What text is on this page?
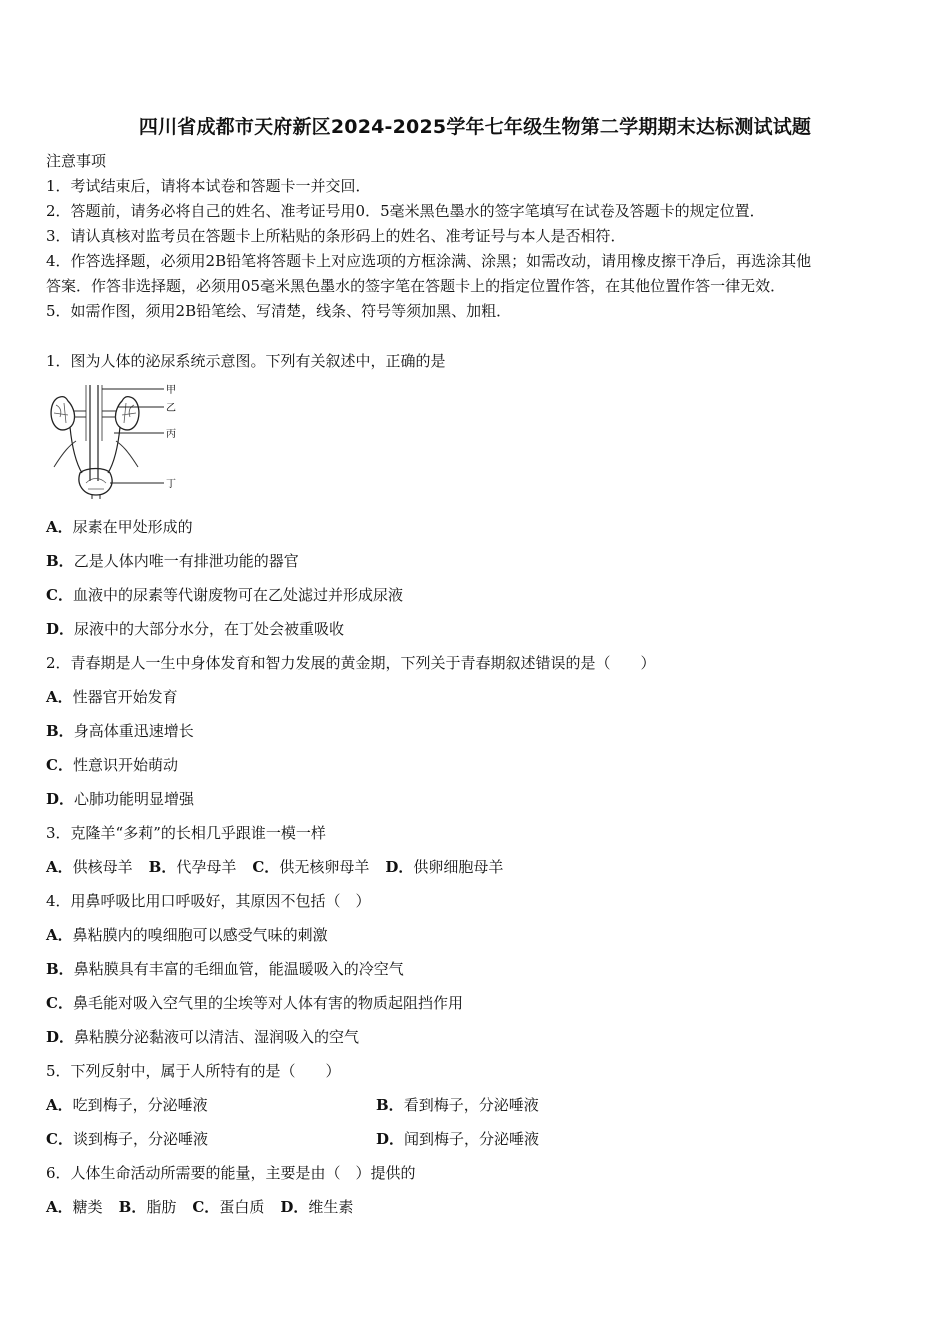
四川省成都市天府新区2024-2025学年七年级生物第二学期期末达标测试试题
注意事项
1．考试结束后，请将本试卷和答题卡一并交回．
2．答题前，请务必将自己的姓名、准考证号用0．5毫米黑色墨水的签字笔填写在试卷及答题卡的规定位置．
3．请认真核对监考员在答题卡上所粘贴的条形码上的姓名、准考证号与本人是否相符．
4．作答选择题，必须用2B铅笔将答题卡上对应选项的方框涂满、涂黑；如需改动，请用橡皮擦干净后，再选涂其他
答案．作答非选择题，必须用05毫米黑色墨水的签字笔在答题卡上的指定位置作答，在其他位置作答一律无效．
5．如需作图，须用2B铅笔绘、写清楚，线条、符号等须加黑、加粗．
1．图为人体的泌尿系统示意图。下列有关叙述中，正确的是
甲
乙
丙
丁
A．尿素在甲处形成的
B．乙是人体内唯一有排泄功能的器官
C．血液中的尿素等代谢废物可在乙处滤过并形成尿液
D．尿液中的大部分水分，在丁处会被重吸收
2．青春期是人一生中身体发育和智力发展的黄金期，下列关于青春期叙述错误的是（　　）
A．性器官开始发育
B．身高体重迅速增长
C．性意识开始萌动
D．心肺功能明显增强
3．克隆羊“多莉”的长相几乎跟谁一模一样
A．供核母羊 B．代孕母羊 C．供无核卵母羊 D．供卵细胞母羊
4．用鼻呼吸比用口呼吸好，其原因不包括（　）
A．鼻粘膜内的嗅细胞可以感受气味的刺激
B．鼻粘膜具有丰富的毛细血管，能温暖吸入的冷空气
C．鼻毛能对吸入空气里的尘埃等对人体有害的物质起阻挡作用
D．鼻粘膜分泌黏液可以清洁、湿润吸入的空气
5．下列反射中，属于人所特有的是（　　）
A．吃到梅子，分泌唾液	B．看到梅子，分泌唾液
C．谈到梅子，分泌唾液	D．闻到梅子，分泌唾液
6．人体生命活动所需要的能量，主要是由（　）提供的
A．糖类 B．脂肪 C．蛋白质 D．维生素
